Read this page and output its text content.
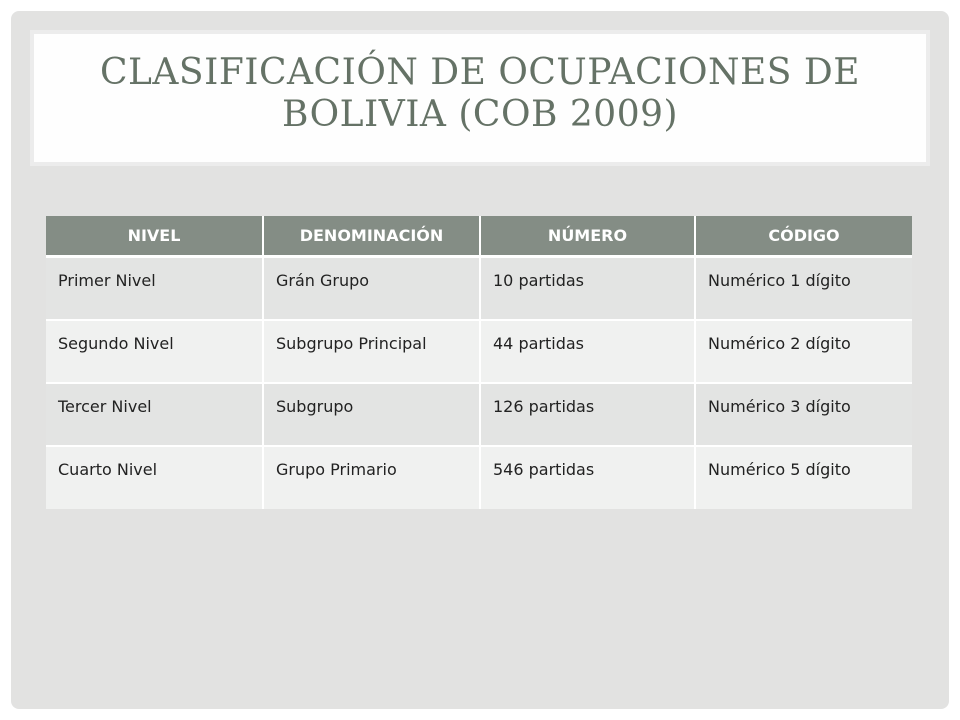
CLASIFICACIÓN DE OCUPACIONES DE
BOLIVIA (COB 2009)
NIVEL	DENOMINACIÓN	NÚMERO	CÓDIGO
Primer Nivel	Grán Grupo	10 partidas	Numérico 1 dígito
Segundo Nivel	Subgrupo Principal	44 partidas	Numérico 2 dígito
Tercer Nivel	Subgrupo	126 partidas	Numérico 3 dígito
Cuarto Nivel	Grupo Primario	546 partidas	Numérico 5 dígito
